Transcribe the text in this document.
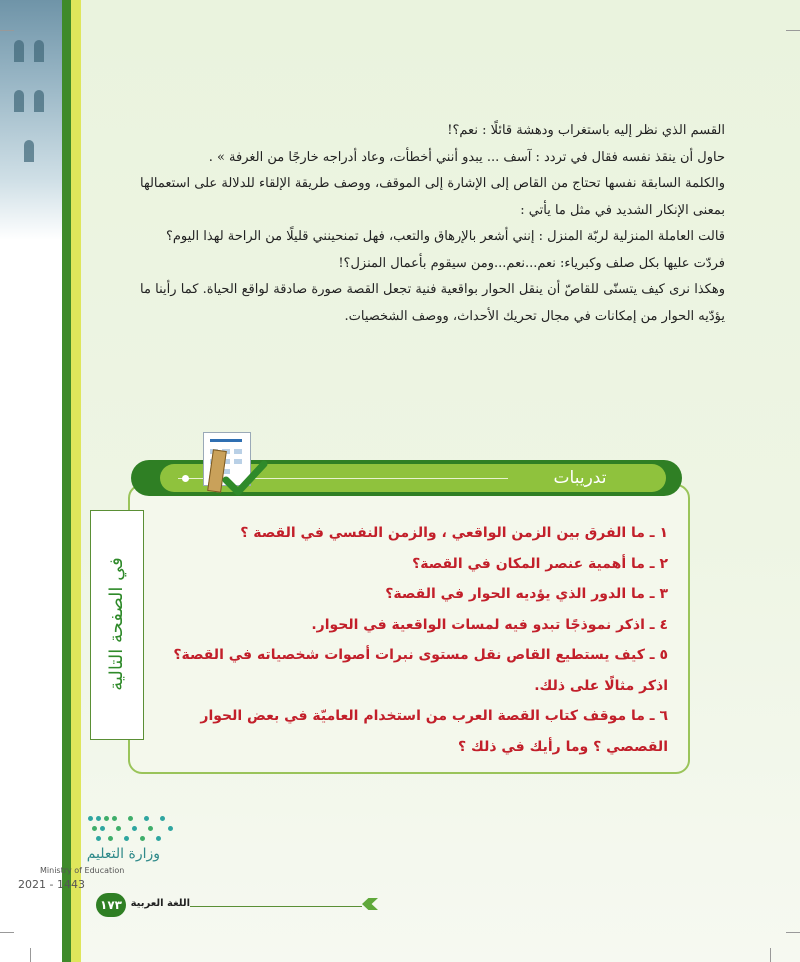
القسم الذي نظر إليه باستغراب ودهشة قائلًا : نعم؟!

حاول أن ينقذ نفسه فقال في تردد : آسف ... يبدو أنني أخطأت، وعاد أدراجه خارجًا من الغرفة » .

والكلمة السابقة نفسها تحتاج من القاص إلى الإشارة إلى الموقف، ووصف طريقة الإلقاء للدلالة على استعمالها بمعنى الإنكار الشديد في مثل ما يأتي :

قالت العاملة المنزلية لربّة المنزل : إنني أشعر بالإرهاق والتعب، فهل تمنحينني قليلًا من الراحة لهذا اليوم؟

فردّت عليها بكل صلف وكبرياء: نعم...نعم...ومن سيقوم بأعمال المنزل؟!

وهكذا نرى كيف يتسنّى للقاصّ أن ينقل الحوار بواقعية فنية تجعل القصة صورة صادقة لواقع الحياة. كما رأينا ما يؤدّيه الحوار من إمكانات في مجال تحريك الأحداث، ووصف الشخصيات.

تدريبات
في الصفحة التالية
١ ـ ما الفرق بين الزمن الواقعي ، والزمن النفسي في القصة ؟
٢ ـ ما أهمية عنصر المكان في القصة؟
٣ ـ ما الدور الذي يؤديه الحوار في القصة؟
٤ ـ اذكر نموذجًا تبدو فيه لمسات الواقعية في الحوار.
٥ ـ كيف يستطيع القاص نقل مستوى نبرات أصوات شخصياته في القصة؟ اذكر مثالًا على ذلك.
٦ ـ ما موقف كتاب القصة العرب من استخدام العاميّة في بعض الحوار القصصي ؟ وما رأيك في ذلك ؟
وزارة التعليم
Ministry of Education
2021 - 1443
١٧٣ اللغة العربية
